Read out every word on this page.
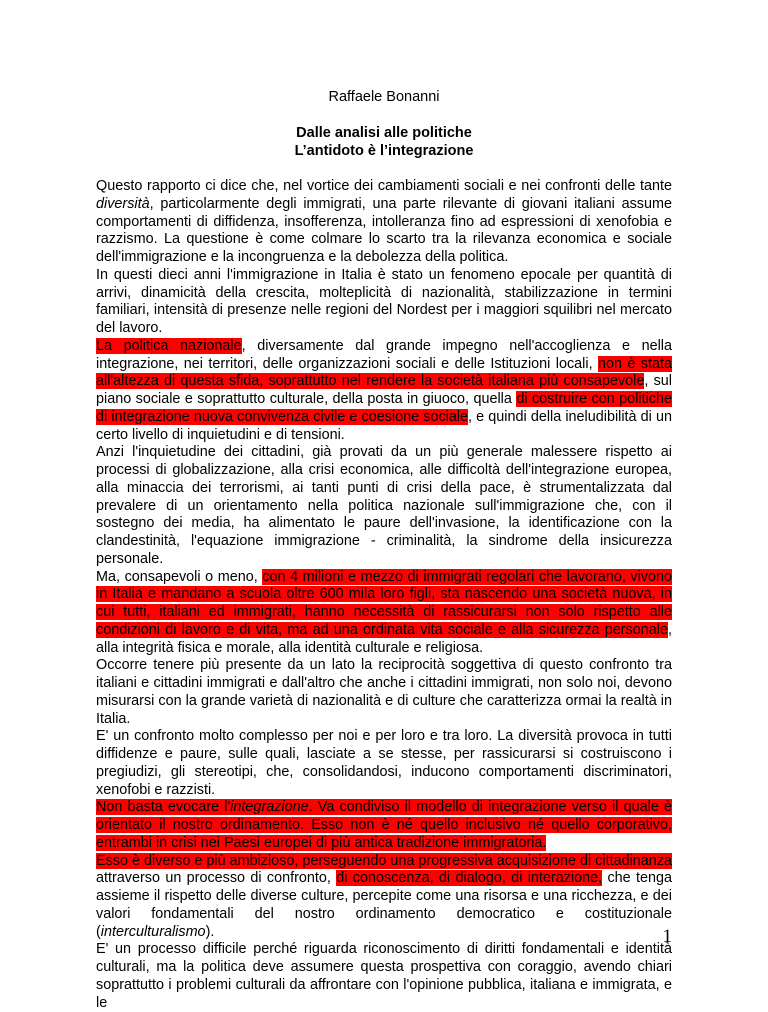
Raffaele Bonanni
Dalle analisi alle politiche
L’antidoto è l’integrazione

Questo rapporto ci dice che, nel vortice dei cambiamenti sociali e nei confronti delle tante diversità, particolarmente degli immigrati, una parte rilevante di giovani italiani assume comportamenti di diffidenza, insofferenza, intolleranza fino ad espressioni di xenofobia e razzismo. La questione è come colmare lo scarto tra la rilevanza economica e sociale dell'immigrazione e la incongruenza e la debolezza della politica.

In questi dieci anni l'immigrazione in Italia è stato un fenomeno epocale per quantità di arrivi, dinamicità della crescita, molteplicità di nazionalità, stabilizzazione in termini familiari, intensità di presenze nelle regioni del Nordest per i maggiori squilibri nel mercato del lavoro.

La politica nazionale, diversamente dal grande impegno nell'accoglienza e nella integrazione, nei territori, delle organizzazioni sociali e delle Istituzioni locali, non è stata all'altezza di questa sfida, soprattutto nel rendere la società italiana più consapevole, sul piano sociale e soprattutto culturale, della posta in giuoco, quella di costruire con politiche di integrazione nuova convivenza civile e coesione sociale, e quindi della ineludibilità di un certo livello di inquietudini e di tensioni.

Anzi l'inquietudine dei cittadini, già provati da un più generale malessere rispetto ai processi di globalizzazione, alla crisi economica, alle difficoltà dell'integrazione europea, alla minaccia dei terrorismi, ai tanti punti di crisi della pace, è strumentalizzata dal prevalere di un orientamento nella politica nazionale sull'immigrazione che, con il sostegno dei media, ha alimentato le paure dell'invasione, la identificazione con la clandestinità, l'equazione immigrazione - criminalità, la sindrome della insicurezza personale.

Ma, consapevoli o meno, con 4 milioni e mezzo di immigrati regolari che lavorano, vivono in Italia e mandano a scuola oltre 600 mila loro figli, sta nascendo una società nuova, in cui tutti, italiani ed immigrati, hanno necessità di rassicurarsi non solo rispetto alle condizioni di lavoro e di vita, ma ad una ordinata vita sociale e alla sicurezza personale, alla integrità fisica e morale, alla identità culturale e religiosa.

Occorre tenere più presente da un lato la reciprocità soggettiva di questo confronto tra italiani e cittadini immigrati e dall'altro che anche i cittadini immigrati, non solo noi, devono misurarsi con la grande varietà di nazionalità e di culture che caratterizza ormai la realtà in Italia.

E' un confronto molto complesso per noi e per loro e tra loro. La diversità provoca in tutti diffidenze e paure, sulle quali, lasciate a se stesse, per rassicurarsi si costruiscono i pregiudizi, gli stereotipi, che, consolidandosi, inducono comportamenti discriminatori, xenofobi e razzisti.

Non basta evocare l'integrazione. Va condiviso il modello di integrazione verso il quale è orientato il nostro ordinamento. Esso non è né quello inclusivo né quello corporativo, entrambi in crisi nei Paesi europei di più antica tradizione immigratoria.

Esso è diverso e più ambizioso, perseguendo una progressiva acquisizione di cittadinanza attraverso un processo di confronto, di conoscenza, di dialogo, di interazione, che tenga assieme il rispetto delle diverse culture, percepite come una risorsa e una ricchezza, e dei valori fondamentali del nostro ordinamento democratico e costituzionale (interculturalismo).

E' un processo difficile perché riguarda riconoscimento di diritti fondamentali e identità culturali, ma la politica deve assumere questa prospettiva con coraggio, avendo chiari soprattutto i problemi culturali da affrontare con l'opinione pubblica, italiana e immigrata, e le

1
